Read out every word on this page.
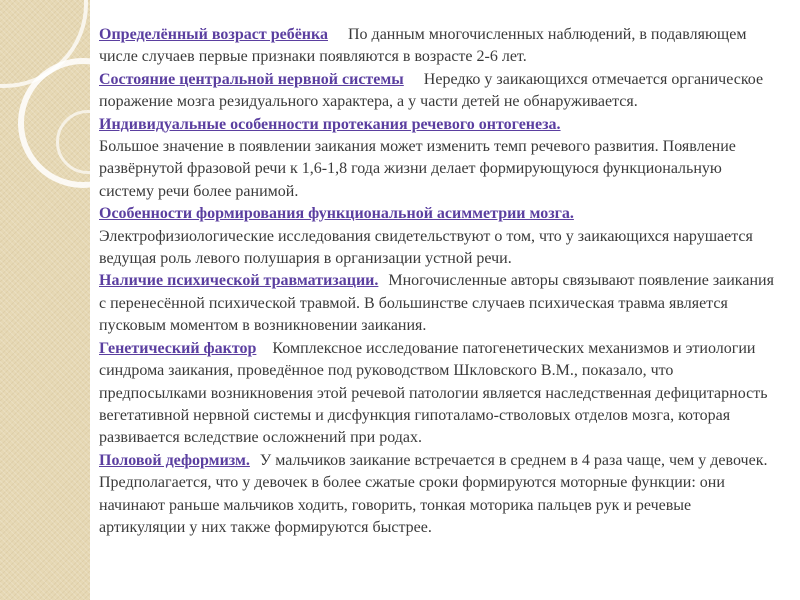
Определённый возраст ребёнка По данным многочисленных наблюдений, в подавляющем числе случаев первые признаки появляются в возрасте 2-6 лет.

Состояние центральной нервной системы Нередко у заикающихся отмечается органическое поражение мозга резидуального характера, а у части детей не обнаруживается.

Индивидуальные особенности протекания речевого онтогенеза.
Большое значение в появлении заикания может изменить темп речевого развития. Появление развёрнутой фразовой речи к 1,6-1,8 года жизни делает формирующуюся функциональную систему речи более ранимой.

Особенности формирования функциональной асимметрии мозга.
Электрофизиологические исследования свидетельствуют о том, что у заикающихся нарушается ведущая роль левого полушария в организации устной речи.

Наличие психической травматизации. Многочисленные авторы связывают появление заикания с перенесённой психической травмой. В большинстве случаев психическая травма является пусковым моментом в возникновении заикания.

Генетический фактор Комплексное исследование патогенетических механизмов и этиологии синдрома заикания, проведённое под руководством Шкловского В.М., показало, что предпосылками возникновения этой речевой патологии является наследственная дефицитарность вегетативной нервной системы и дисфункция гипоталамо-стволовых отделов мозга, которая развивается вследствие осложнений при родах.

Половой деформизм. У мальчиков заикание встречается в среднем в 4 раза чаще, чем у девочек. Предполагается, что у девочек в более сжатые сроки формируются моторные функции: они начинают раньше мальчиков ходить, говорить, тонкая моторика пальцев рук и речевые артикуляции у них также формируются быстрее.
